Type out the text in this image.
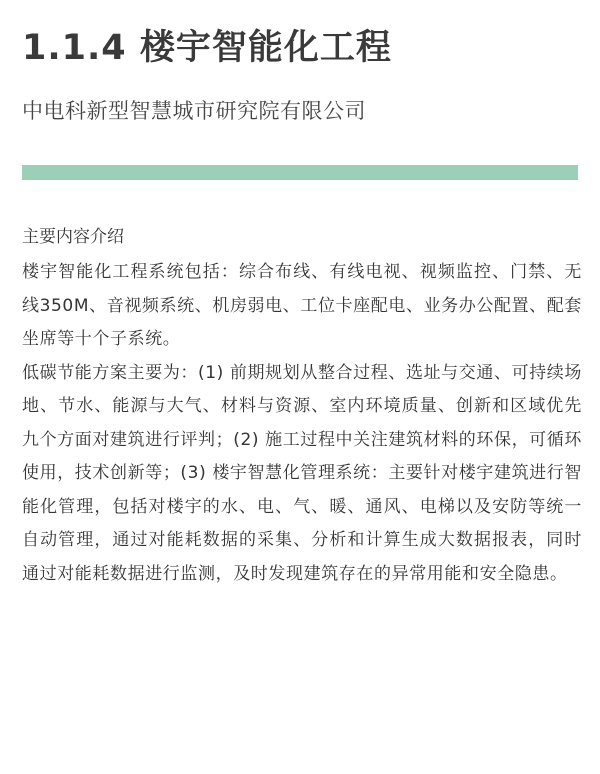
1.1.4 楼宇智能化工程
中电科新型智慧城市研究院有限公司
主要内容介绍

楼宇智能化工程系统包括：综合布线、有线电视、视频监控、门禁、无线350M、音视频系统、机房弱电、工位卡座配电、业务办公配置、配套坐席等十个子系统。

低碳节能方案主要为：(1) 前期规划从整合过程、选址与交通、可持续场地、节水、能源与大气、材料与资源、室内环境质量、创新和区域优先九个方面对建筑进行评判；(2) 施工过程中关注建筑材料的环保，可循环使用，技术创新等；(3) 楼宇智慧化管理系统：主要针对楼宇建筑进行智能化管理，包括对楼宇的水、电、气、暖、通风、电梯以及安防等统一自动管理，通过对能耗数据的采集、分析和计算生成大数据报表，同时通过对能耗数据进行监测，及时发现建筑存在的异常用能和安全隐患。
